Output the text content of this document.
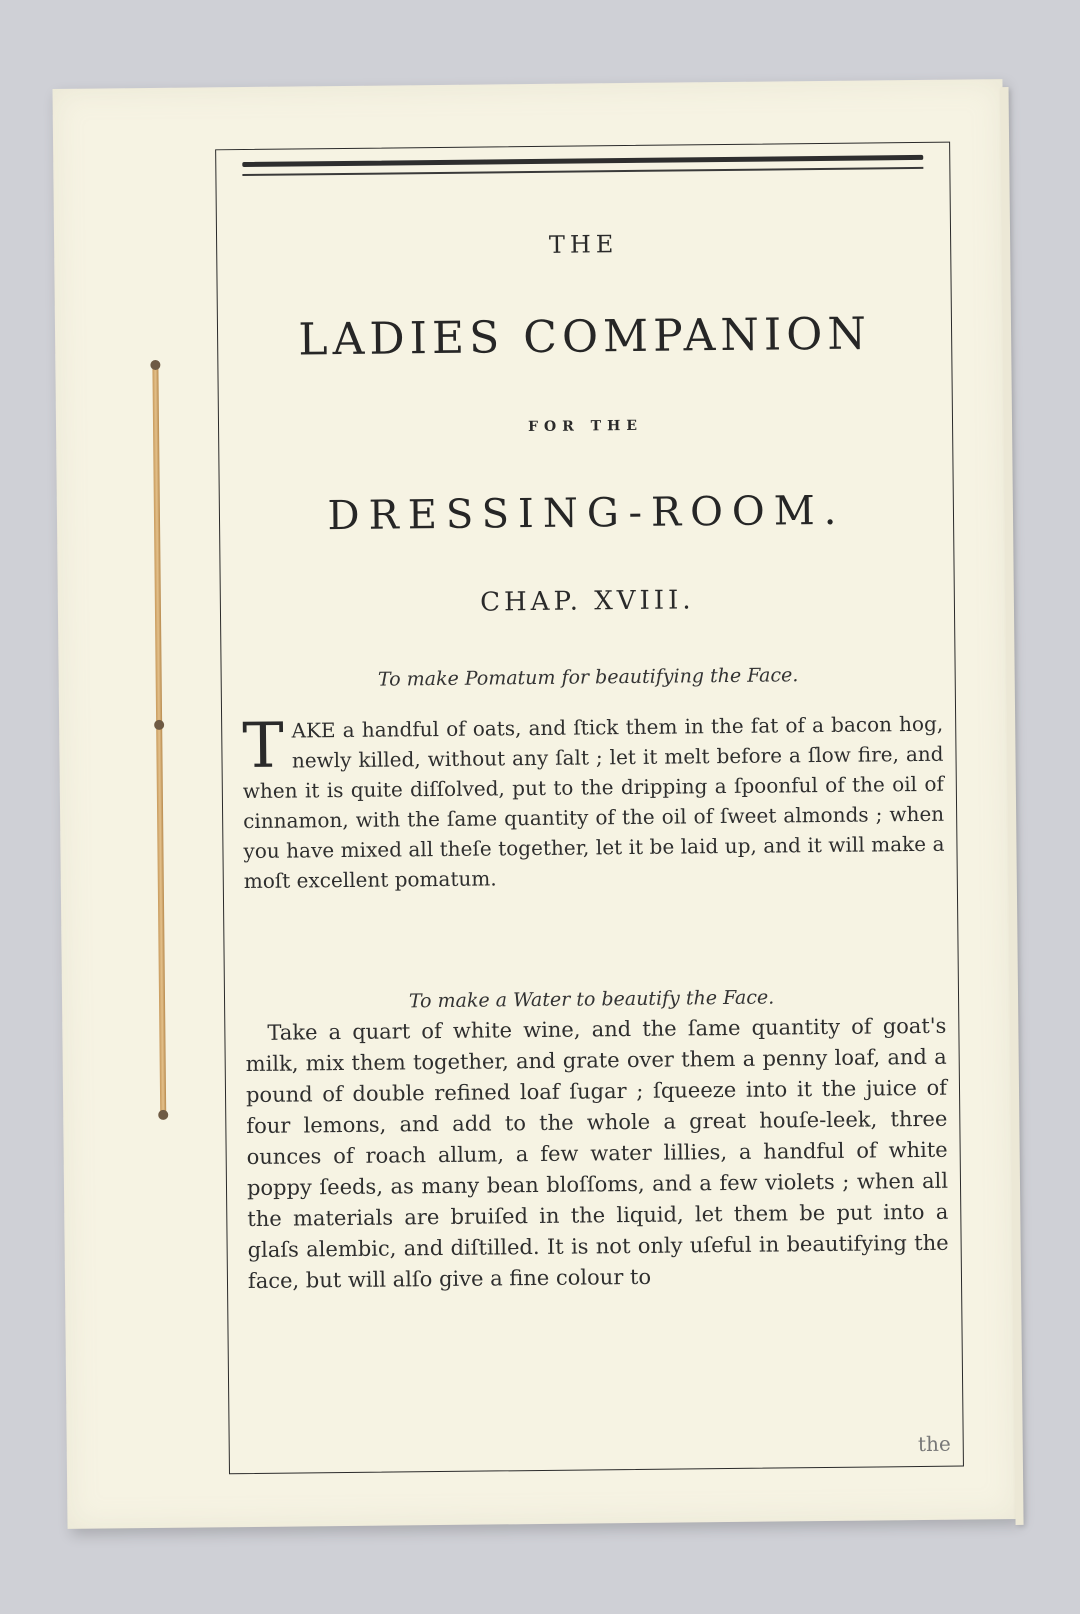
THE
LADIES COMPANION
FOR THE
DRESSING-ROOM.
CHAP. XVIII.
To make Pomatum for beautifying the Face.

T AKE a handful of oats, and ſtick them in the fat of a bacon hog, newly killed, without any ſalt ; let it melt before a ſlow fire, and when it is quite diſſolved, put to the dripping a ſpoonful of the oil of cinnamon, with the ſame quantity of the oil of ſweet almonds ; when you have mixed all theſe together, let it be laid up, and it will make a moſt excellent pomatum.

To make a Water to beautify the Face.

Take a quart of white wine, and the ſame quantity of goat's milk, mix them together, and grate over them a penny loaf, and a pound of double refined loaf ſugar ; ſqueeze into it the juice of four lemons, and add to the whole a great houſe-leek, three ounces of roach allum, a few water lillies, a handful of white poppy ſeeds, as many bean bloſſoms, and a few violets ; when all the materials are bruiſed in the liquid, let them be put into a glaſs alembic, and diſtilled. It is not only uſeful in beautifying the face, but will alſo give a fine colour to

the
